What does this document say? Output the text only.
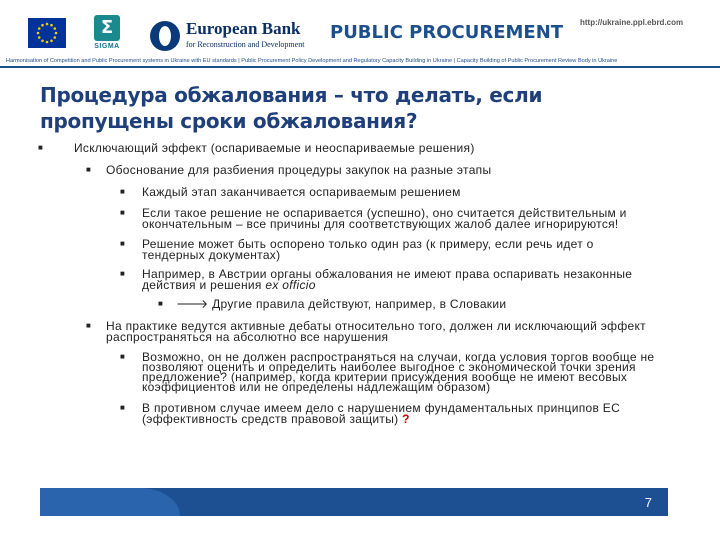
Σ
SIGMA
European Bank
for Reconstruction and Development
PUBLIC PROCUREMENT http://ukraine.ppl.ebrd.com
Harmonisation of Competition and Public Procurement systems in Ukraine with EU standards | Public Procurement Policy Development and Regulatory Capacity Building in Ukraine | Capacity Building of Public Procurement Review Body in Ukraine
Процедура обжалования – что делать, если
пропущены сроки обжалования?
■	Исключающий эффект (оспариваемые и неоспариваемые решения)
■ Обоснование для разбиения процедуры закупок на разные этапы
■ Каждый этап заканчивается оспариваемым решением
■ Если такое решение не оспаривается (успешно), оно считается действительным и
окончательным – все причины для соответствующих жалоб далее игнорируются!
■ Решение может быть оспорено только один раз (к примеру, если речь идет о
тендерных документах)
■ Например, в Австрии органы обжалования не имеют права оспаривать незаконные
действия и решения ex officio
■ 🡒 Другие правила действуют, например, в Словакии
■ На практике ведутся активные дебаты относительно того, должен ли исключающий эффект
распространяться на абсолютно все нарушения
■ Возможно, он не должен распространяться на случаи, когда условия торгов вообще не
позволяют оценить и определить наиболее выгодное с экономической точки зрения
предложение? (например, когда критерии присуждения вообще не имеют весовых
коэффициентов или не определены надлежащим образом)
■ В противном случае имеем дело с нарушением фундаментальных принципов ЕС
(эффективность средств правовой защиты) ?
7
